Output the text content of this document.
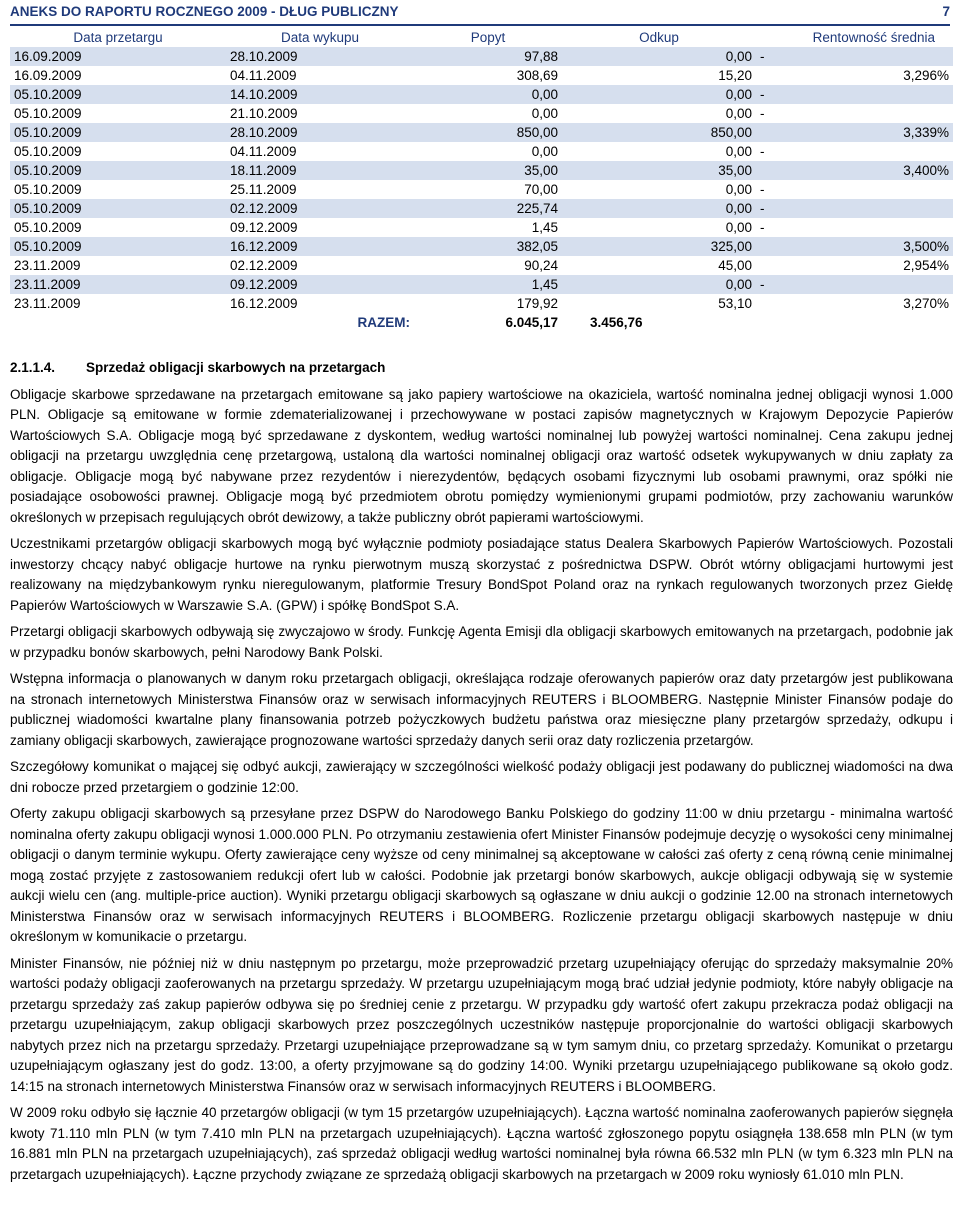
ANEKS DO RAPORTU ROCZNEGO 2009 - DŁUG PUBLICZNY	7
Data przetargu	Data wykupu	Popyt	Odkup	Rentowność średnia
16.09.2009	28.10.2009	97,88	0,00	-
16.09.2009	04.11.2009	308,69	15,20	3,296%
05.10.2009	14.10.2009	0,00	0,00	-
05.10.2009	21.10.2009	0,00	0,00	-
05.10.2009	28.10.2009	850,00	850,00	3,339%
05.10.2009	04.11.2009	0,00	0,00	-
05.10.2009	18.11.2009	35,00	35,00	3,400%
05.10.2009	25.11.2009	70,00	0,00	-
05.10.2009	02.12.2009	225,74	0,00	-
05.10.2009	09.12.2009	1,45	0,00	-
05.10.2009	16.12.2009	382,05	325,00	3,500%
23.11.2009	02.12.2009	90,24	45,00	2,954%
23.11.2009	09.12.2009	1,45	0,00	-
23.11.2009	16.12.2009	179,92	53,10	3,270%
	RAZEM:	6.045,17	3.456,76	
2.1.1.4. Sprzedaż obligacji skarbowych na przetargach

Obligacje skarbowe sprzedawane na przetargach emitowane są jako papiery wartościowe na okaziciela, wartość nominalna jednej obligacji wynosi 1.000 PLN. Obligacje są emitowane w formie zdematerializowanej i przechowywane w postaci zapisów magnetycznych w Krajowym Depozycie Papierów Wartościowych S.A. Obligacje mogą być sprzedawane z dyskontem, według wartości nominalnej lub powyżej wartości nominalnej. Cena zakupu jednej obligacji na przetargu uwzględnia cenę przetargową, ustaloną dla wartości nominalnej obligacji oraz wartość odsetek wykupywanych w dniu zapłaty za obligacje. Obligacje mogą być nabywane przez rezydentów i nierezydentów, będących osobami fizycznymi lub osobami prawnymi, oraz spółki nie posiadające osobowości prawnej. Obligacje mogą być przedmiotem obrotu pomiędzy wymienionymi grupami podmiotów, przy zachowaniu warunków określonych w przepisach regulujących obrót dewizowy, a także publiczny obrót papierami wartościowymi.

Uczestnikami przetargów obligacji skarbowych mogą być wyłącznie podmioty posiadające status Dealera Skarbowych Papierów Wartościowych. Pozostali inwestorzy chcący nabyć obligacje hurtowe na rynku pierwotnym muszą skorzystać z pośrednictwa DSPW. Obrót wtórny obligacjami hurtowymi jest realizowany na międzybankowym rynku nieregulowanym, platformie Tresury BondSpot Poland oraz na rynkach regulowanych tworzonych przez Giełdę Papierów Wartościowych w Warszawie S.A. (GPW) i spółkę BondSpot S.A.

Przetargi obligacji skarbowych odbywają się zwyczajowo w środy. Funkcję Agenta Emisji dla obligacji skarbowych emitowanych na przetargach, podobnie jak w przypadku bonów skarbowych, pełni Narodowy Bank Polski.

Wstępna informacja o planowanych w danym roku przetargach obligacji, określająca rodzaje oferowanych papierów oraz daty przetargów jest publikowana na stronach internetowych Ministerstwa Finansów oraz w serwisach informacyjnych REUTERS i BLOOMBERG. Następnie Minister Finansów podaje do publicznej wiadomości kwartalne plany finansowania potrzeb pożyczkowych budżetu państwa oraz miesięczne plany przetargów sprzedaży, odkupu i zamiany obligacji skarbowych, zawierające prognozowane wartości sprzedaży danych serii oraz daty rozliczenia przetargów.

Szczegółowy komunikat o mającej się odbyć aukcji, zawierający w szczególności wielkość podaży obligacji jest podawany do publicznej wiadomości na dwa dni robocze przed przetargiem o godzinie 12:00.

Oferty zakupu obligacji skarbowych są przesyłane przez DSPW do Narodowego Banku Polskiego do godziny 11:00 w dniu przetargu - minimalna wartość nominalna oferty zakupu obligacji wynosi 1.000.000 PLN. Po otrzymaniu zestawienia ofert Minister Finansów podejmuje decyzję o wysokości ceny minimalnej obligacji o danym terminie wykupu. Oferty zawierające ceny wyższe od ceny minimalnej są akceptowane w całości zaś oferty z ceną równą cenie minimalnej mogą zostać przyjęte z zastosowaniem redukcji ofert lub w całości. Podobnie jak przetargi bonów skarbowych, aukcje obligacji odbywają się w systemie aukcji wielu cen (ang. multiple-price auction). Wyniki przetargu obligacji skarbowych są ogłaszane w dniu aukcji o godzinie 12.00 na stronach internetowych Ministerstwa Finansów oraz w serwisach informacyjnych REUTERS i BLOOMBERG. Rozliczenie przetargu obligacji skarbowych następuje w dniu określonym w komunikacie o przetargu.

Minister Finansów, nie później niż w dniu następnym po przetargu, może przeprowadzić przetarg uzupełniający oferując do sprzedaży maksymalnie 20% wartości podaży obligacji zaoferowanych na przetargu sprzedaży. W przetargu uzupełniającym mogą brać udział jedynie podmioty, które nabyły obligacje na przetargu sprzedaży zaś zakup papierów odbywa się po średniej cenie z przetargu. W przypadku gdy wartość ofert zakupu przekracza podaż obligacji na przetargu uzupełniającym, zakup obligacji skarbowych przez poszczególnych uczestników następuje proporcjonalnie do wartości obligacji skarbowych nabytych przez nich na przetargu sprzedaży. Przetargi uzupełniające przeprowadzane są w tym samym dniu, co przetarg sprzedaży. Komunikat o przetargu uzupełniającym ogłaszany jest do godz. 13:00, a oferty przyjmowane są do godziny 14:00. Wyniki przetargu uzupełniającego publikowane są około godz. 14:15 na stronach internetowych Ministerstwa Finansów oraz w serwisach informacyjnych REUTERS i BLOOMBERG.

W 2009 roku odbyło się łącznie 40 przetargów obligacji (w tym 15 przetargów uzupełniających). Łączna wartość nominalna zaoferowanych papierów sięgnęła kwoty 71.110 mln PLN (w tym 7.410 mln PLN na przetargach uzupełniających). Łączna wartość zgłoszonego popytu osiągnęła 138.658 mln PLN (w tym 16.881 mln PLN na przetargach uzupełniających), zaś sprzedaż obligacji według wartości nominalnej była równa 66.532 mln PLN (w tym 6.323 mln PLN na przetargach uzupełniających). Łączne przychody związane ze sprzedażą obligacji skarbowych na przetargach w 2009 roku wyniosły 61.010 mln PLN.
